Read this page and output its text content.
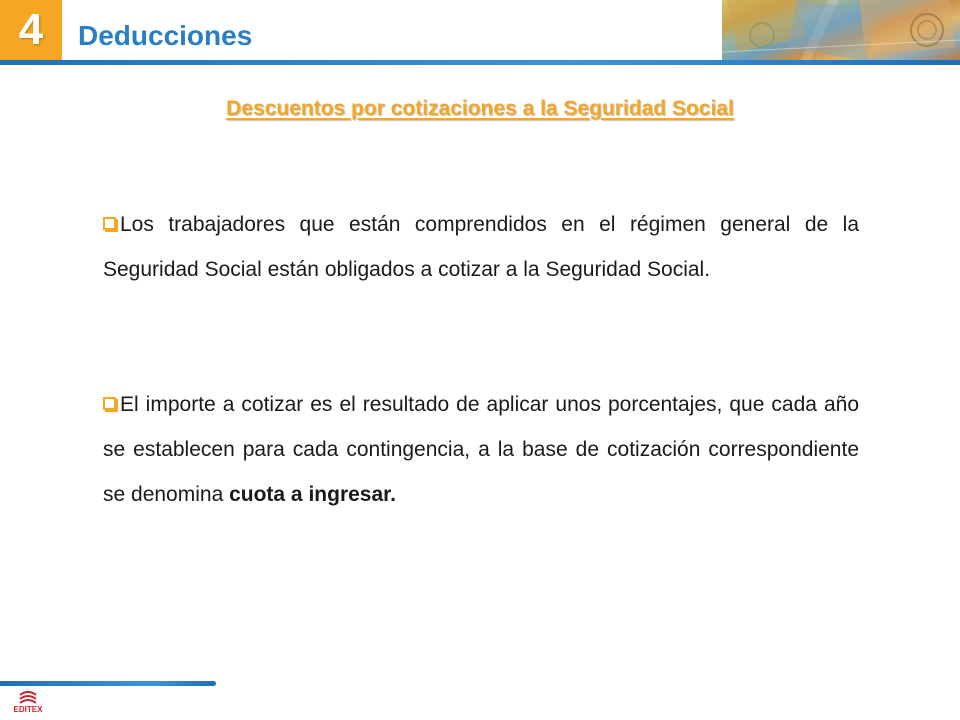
4 Deducciones
Descuentos por cotizaciones a la Seguridad Social
Los trabajadores que están comprendidos en el régimen general de la Seguridad Social están obligados a cotizar a la Seguridad Social.
El importe a cotizar es el resultado de aplicar unos porcentajes, que cada año se establecen para cada contingencia, a la base de cotización correspondiente se denomina cuota a ingresar.
EDITEX
